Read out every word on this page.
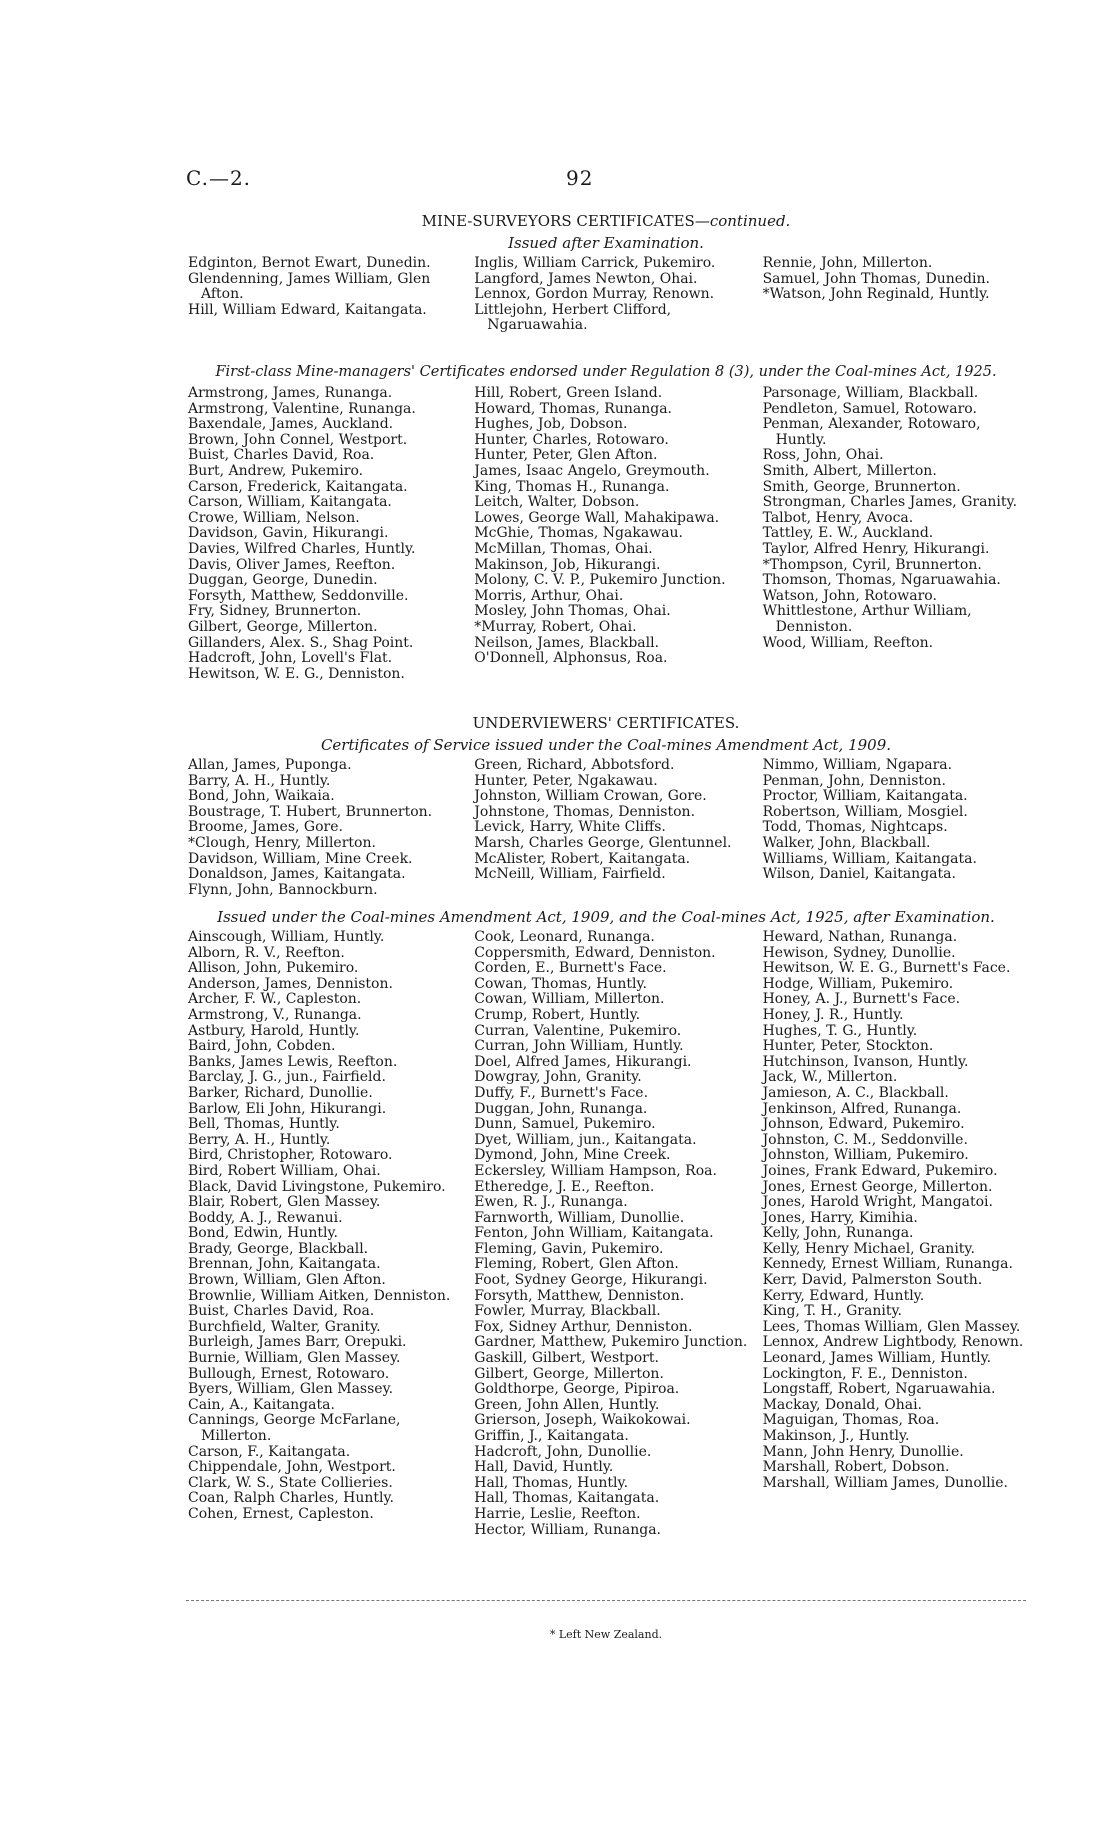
C.—2.	92
MINE-SURVEYORS CERTIFICATES—continued.
Issued after Examination.
Edginton, Bernot Ewart, Dunedin.
Glendenning, James William, Glen Afton.
Hill, William Edward, Kaitangata.
Inglis, William Carrick, Pukemiro.
Langford, James Newton, Ohai.
Lennox, Gordon Murray, Renown.
Littlejohn, Herbert Clifford, Ngaruawahia.
Rennie, John, Millerton.
Samuel, John Thomas, Dunedin.
*Watson, John Reginald, Huntly.
First-class Mine-managers' Certificates endorsed under Regulation 8 (3), under the Coal-mines Act, 1925.
Armstrong, James, Runanga.
Armstrong, Valentine, Runanga.
Baxendale, James, Auckland.
Brown, John Connel, Westport.
Buist, Charles David, Roa.
Burt, Andrew, Pukemiro.
Carson, Frederick, Kaitangata.
Carson, William, Kaitangata.
Crowe, William, Nelson.
Davidson, Gavin, Hikurangi.
Davies, Wilfred Charles, Huntly.
Davis, Oliver James, Reefton.
Duggan, George, Dunedin.
Forsyth, Matthew, Seddonville.
Fry, Sidney, Brunnerton.
Gilbert, George, Millerton.
Gillanders, Alex. S., Shag Point.
Hadcroft, John, Lovell's Flat.
Hewitson, W. E. G., Denniston.
Hill, Robert, Green Island.
Howard, Thomas, Runanga.
Hughes, Job, Dobson.
Hunter, Charles, Rotowaro.
Hunter, Peter, Glen Afton.
James, Isaac Angelo, Greymouth.
King, Thomas H., Runanga.
Leitch, Walter, Dobson.
Lowes, George Wall, Mahakipawa.
McGhie, Thomas, Ngakawau.
McMillan, Thomas, Ohai.
Makinson, Job, Hikurangi.
Molony, C. V. P., Pukemiro Junction.
Morris, Arthur, Ohai.
Mosley, John Thomas, Ohai.
*Murray, Robert, Ohai.
Neilson, James, Blackball.
O'Donnell, Alphonsus, Roa.
Parsonage, William, Blackball.
Pendleton, Samuel, Rotowaro.
Penman, Alexander, Rotowaro, Huntly.
Ross, John, Ohai.
Smith, Albert, Millerton.
Smith, George, Brunnerton.
Strongman, Charles James, Granity.
Talbot, Henry, Avoca.
Tattley, E. W., Auckland.
Taylor, Alfred Henry, Hikurangi.
*Thompson, Cyril, Brunnerton.
Thomson, Thomas, Ngaruawahia.
Watson, John, Rotowaro.
Whittlestone, Arthur William, Denniston.
Wood, William, Reefton.
UNDERVIEWERS' CERTIFICATES.
Certificates of Service issued under the Coal-mines Amendment Act, 1909.
Allan, James, Puponga.
Barry, A. H., Huntly.
Bond, John, Waikaia.
Boustrage, T. Hubert, Brunnerton.
Broome, James, Gore.
*Clough, Henry, Millerton.
Davidson, William, Mine Creek.
Donaldson, James, Kaitangata.
Flynn, John, Bannockburn.
Green, Richard, Abbotsford.
Hunter, Peter, Ngakawau.
Johnston, William Crowan, Gore.
Johnstone, Thomas, Denniston.
Levick, Harry, White Cliffs.
Marsh, Charles George, Glentunnel.
McAlister, Robert, Kaitangata.
McNeill, William, Fairfield.
Nimmo, William, Ngapara.
Penman, John, Denniston.
Proctor, William, Kaitangata.
Robertson, William, Mosgiel.
Todd, Thomas, Nightcaps.
Walker, John, Blackball.
Williams, William, Kaitangata.
Wilson, Daniel, Kaitangata.
Issued under the Coal-mines Amendment Act, 1909, and the Coal-mines Act, 1925, after Examination.
Ainscough, William, Huntly.
Alborn, R. V., Reefton.
Allison, John, Pukemiro.
Anderson, James, Denniston.
Archer, F. W., Capleston.
Armstrong, V., Runanga.
Astbury, Harold, Huntly.
Baird, John, Cobden.
Banks, James Lewis, Reefton.
Barclay, J. G., jun., Fairfield.
Barker, Richard, Dunollie.
Barlow, Eli John, Hikurangi.
Bell, Thomas, Huntly.
Berry, A. H., Huntly.
Bird, Christopher, Rotowaro.
Bird, Robert William, Ohai.
Black, David Livingstone, Pukemiro.
Blair, Robert, Glen Massey.
Boddy, A. J., Rewanui.
Bond, Edwin, Huntly.
Brady, George, Blackball.
Brennan, John, Kaitangata.
Brown, William, Glen Afton.
Brownlie, William Aitken, Denniston.
Buist, Charles David, Roa.
Burchfield, Walter, Granity.
Burleigh, James Barr, Orepuki.
Burnie, William, Glen Massey.
Bullough, Ernest, Rotowaro.
Byers, William, Glen Massey.
Cain, A., Kaitangata.
Cannings, George McFarlane, Millerton.
Carson, F., Kaitangata.
Chippendale, John, Westport.
Clark, W. S., State Collieries.
Coan, Ralph Charles, Huntly.
Cohen, Ernest, Capleston.
Cook, Leonard, Runanga.
Coppersmith, Edward, Denniston.
Corden, E., Burnett's Face.
Cowan, Thomas, Huntly.
Cowan, William, Millerton.
Crump, Robert, Huntly.
Curran, Valentine, Pukemiro.
Curran, John William, Huntly.
Doel, Alfred James, Hikurangi.
Dowgray, John, Granity.
Duffy, F., Burnett's Face.
Duggan, John, Runanga.
Dunn, Samuel, Pukemiro.
Dyet, William, jun., Kaitangata.
Dymond, John, Mine Creek.
Eckersley, William Hampson, Roa.
Etheredge, J. E., Reefton.
Ewen, R. J., Runanga.
Farnworth, William, Dunollie.
Fenton, John William, Kaitangata.
Fleming, Gavin, Pukemiro.
Fleming, Robert, Glen Afton.
Foot, Sydney George, Hikurangi.
Forsyth, Matthew, Denniston.
Fowler, Murray, Blackball.
Fox, Sidney Arthur, Denniston.
Gardner, Matthew, Pukemiro Junction.
Gaskill, Gilbert, Westport.
Gilbert, George, Millerton.
Goldthorpe, George, Pipiroa.
Green, John Allen, Huntly.
Grierson, Joseph, Waikokowai.
Griffin, J., Kaitangata.
Hadcroft, John, Dunollie.
Hall, David, Huntly.
Hall, Thomas, Huntly.
Hall, Thomas, Kaitangata.
Harrie, Leslie, Reefton.
Hector, William, Runanga.
Heward, Nathan, Runanga.
Hewison, Sydney, Dunollie.
Hewitson, W. E. G., Burnett's Face.
Hodge, William, Pukemiro.
Honey, A. J., Burnett's Face.
Honey, J. R., Huntly.
Hughes, T. G., Huntly.
Hunter, Peter, Stockton.
Hutchinson, Ivanson, Huntly.
Jack, W., Millerton.
Jamieson, A. C., Blackball.
Jenkinson, Alfred, Runanga.
Johnson, Edward, Pukemiro.
Johnston, C. M., Seddonville.
Johnston, William, Pukemiro.
Joines, Frank Edward, Pukemiro.
Jones, Ernest George, Millerton.
Jones, Harold Wright, Mangatoi.
Jones, Harry, Kimihia.
Kelly, John, Runanga.
Kelly, Henry Michael, Granity.
Kennedy, Ernest William, Runanga.
Kerr, David, Palmerston South.
Kerry, Edward, Huntly.
King, T. H., Granity.
Lees, Thomas William, Glen Massey.
Lennox, Andrew Lightbody, Renown.
Leonard, James William, Huntly.
Lockington, F. E., Denniston.
Longstaff, Robert, Ngaruawahia.
Mackay, Donald, Ohai.
Maguigan, Thomas, Roa.
Makinson, J., Huntly.
Mann, John Henry, Dunollie.
Marshall, Robert, Dobson.
Marshall, William James, Dunollie.
* Left New Zealand.
